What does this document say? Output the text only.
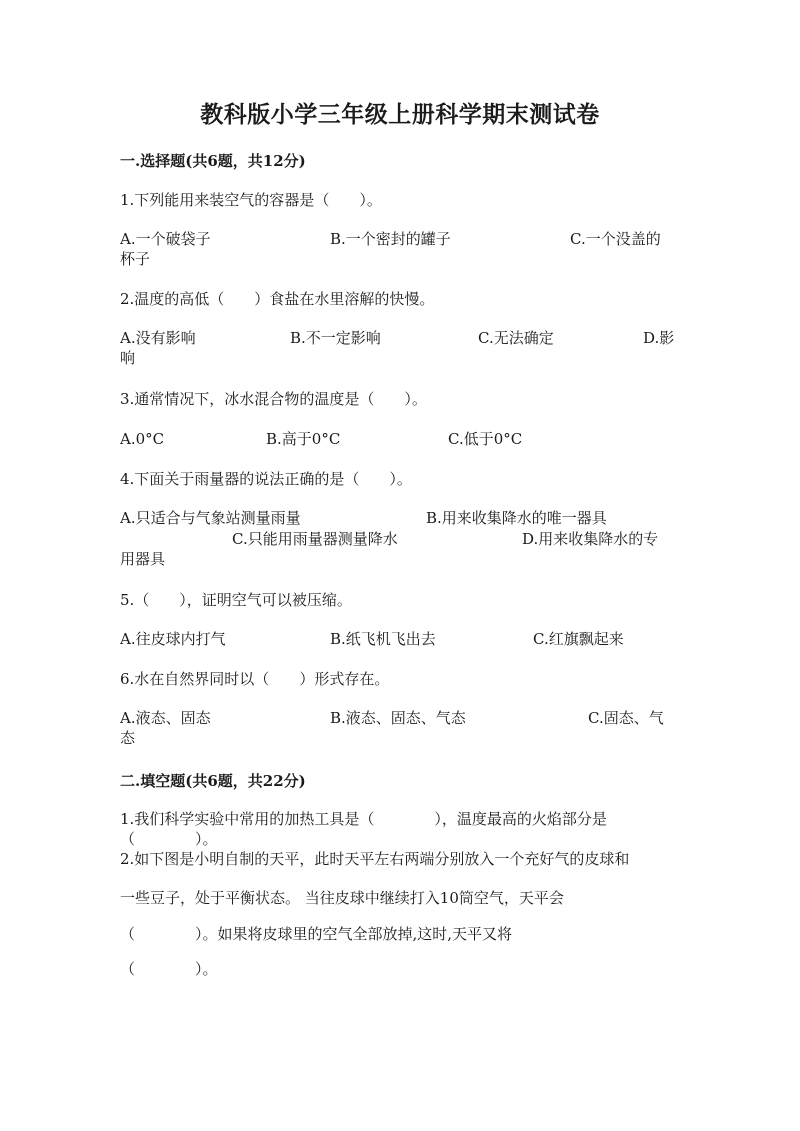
教科版小学三年级上册科学期末测试卷
一.选择题(共6题，共12分)
1.下列能用来装空气的容器是（　　）。
A.一个破袋子	B.一个密封的罐子	C.一个没盖的
杯子
2.温度的高低（　　）食盐在水里溶解的快慢。
A.没有影响	B.不一定影响	C.无法确定	D.影
响
3.通常情况下，冰水混合物的温度是（　　）。
A.0°C	B.高于0°C	C.低于0°C
4.下面关于雨量器的说法正确的是（　　）。
A.只适合与气象站测量雨量	B.用来收集降水的唯一器具
C.只能用雨量器测量降水	D.用来收集降水的专
用器具
5.（　　），证明空气可以被压缩。
A.往皮球内打气	B.纸飞机飞出去	C.红旗飘起来
6.水在自然界同时以（　　）形式存在。
A.液态、固态	B.液态、固态、气态	C.固态、气
态
二.填空题(共6题，共22分)
1.我们科学实验中常用的加热工具是（　　　　），温度最高的火焰部分是
（　　　　）。
2.如下图是小明自制的天平，此时天平左右两端分别放入一个充好气的皮球和
一些豆子，处于平衡状态。 当往皮球中继续打入10筒空气，天平会
（　　　　）。如果将皮球里的空气全部放掉,这时,天平又将
（　　　　）。
